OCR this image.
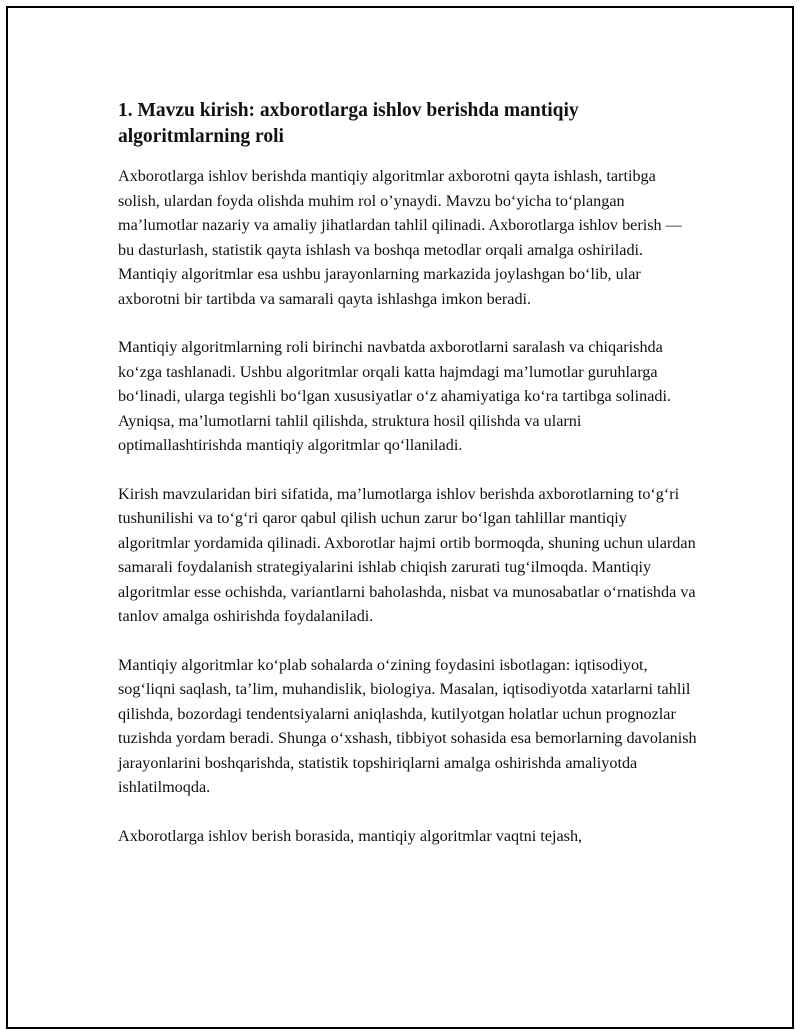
1. Mavzu kirish: axborotlarga ishlov berishda mantiqiy algoritmlarning roli

Axborotlarga ishlov berishda mantiqiy algoritmlar axborotni qayta ishlash, tartibga solish, ulardan foyda olishda muhim rol o’ynaydi. Mavzu bo‘yicha to‘plangan ma’lumotlar nazariy va amaliy jihatlardan tahlil qilinadi. Axborotlarga ishlov berish — bu dasturlash, statistik qayta ishlash va boshqa metodlar orqali amalga oshiriladi. Mantiqiy algoritmlar esa ushbu jarayonlarning markazida joylashgan bo‘lib, ular axborotni bir tartibda va samarali qayta ishlashga imkon beradi.

Mantiqiy algoritmlarning roli birinchi navbatda axborotlarni saralash va chiqarishda ko‘zga tashlanadi. Ushbu algoritmlar orqali katta hajmdagi ma’lumotlar guruhlarga bo‘linadi, ularga tegishli bo‘lgan xususiyatlar o‘z ahamiyatiga ko‘ra tartibga solinadi. Ayniqsa, ma’lumotlarni tahlil qilishda, struktura hosil qilishda va ularni optimallashtirishda mantiqiy algoritmlar qo‘llaniladi.

Kirish mavzularidan biri sifatida, ma’lumotlarga ishlov berishda axborotlarning to‘g‘ri tushunilishi va to‘g‘ri qaror qabul qilish uchun zarur bo‘lgan tahlillar mantiqiy algoritmlar yordamida qilinadi. Axborotlar hajmi ortib bormoqda, shuning uchun ulardan samarali foydalanish strategiyalarini ishlab chiqish zarurati tug‘ilmoqda. Mantiqiy algoritmlar esse ochishda, variantlarni baholashda, nisbat va munosabatlar o‘rnatishda va tanlov amalga oshirishda foydalaniladi.

Mantiqiy algoritmlar ko‘plab sohalarda o‘zining foydasini isbotlagan: iqtisodiyot, sog‘liqni saqlash, ta’lim, muhandislik, biologiya. Masalan, iqtisodiyotda xatarlarni tahlil qilishda, bozordagi tendentsiyalarni aniqlashda, kutilyotgan holatlar uchun prognozlar tuzishda yordam beradi. Shunga o‘xshash, tibbiyot sohasida esa bemorlarning davolanish jarayonlarini boshqarishda, statistik topshiriqlarni amalga oshirishda amaliyotda ishlatilmoqda.

Axborotlarga ishlov berish borasida, mantiqiy algoritmlar vaqtni tejash,
